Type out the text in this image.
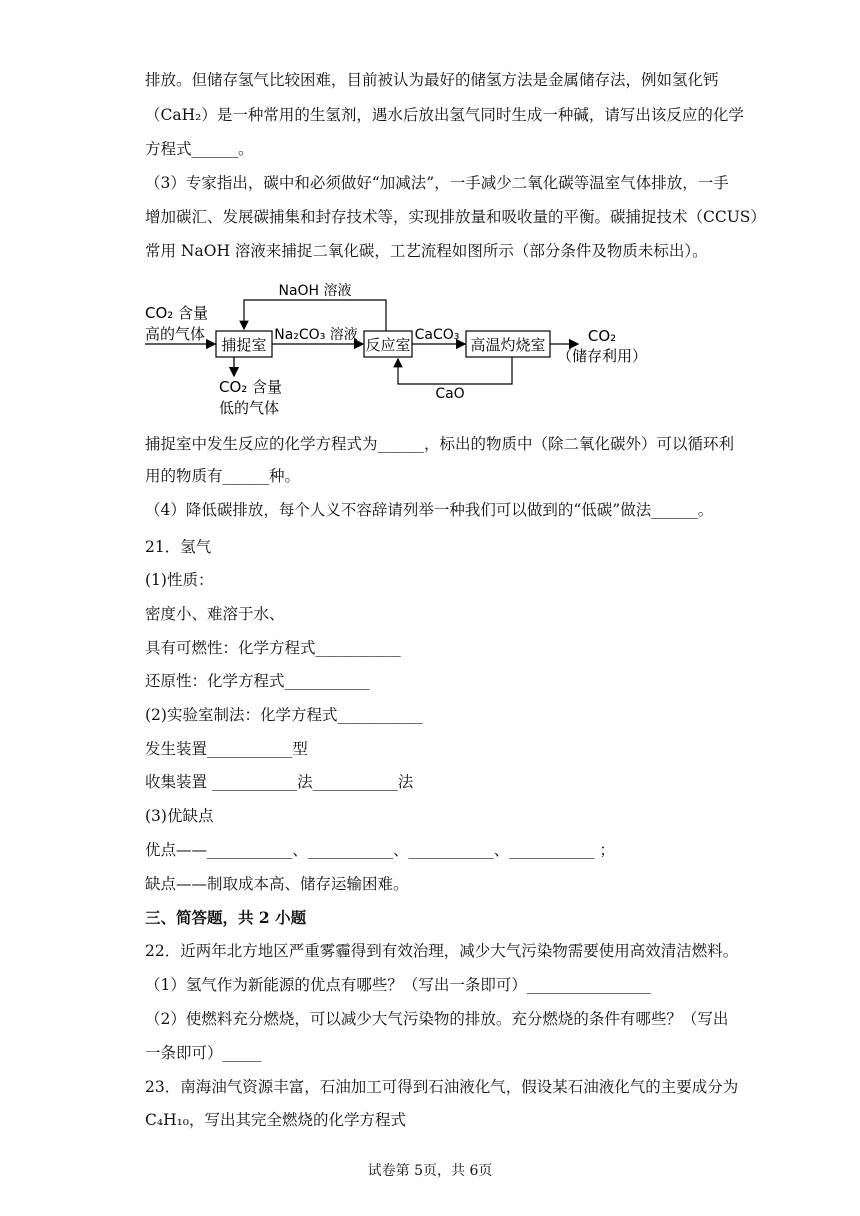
排放。但储存氢气比较困难，目前被认为最好的储氢方法是金属储存法，例如氢化钙
（CaH₂）是一种常用的生氢剂，遇水后放出氢气同时生成一种碱，请写出该反应的化学
方程式______。
（3）专家指出，碳中和必须做好“加减法”，一手减少二氧化碳等温室气体排放，一手
增加碳汇、发展碳捕集和封存技术等，实现排放量和吸收量的平衡。碳捕捉技术（CCUS）
常用 NaOH 溶液来捕捉二氧化碳，工艺流程如图所示（部分条件及物质未标出）。
CO₂ 含量
高的气体
捕捉室
NaOH 溶液
Na₂CO₃ 溶液
反应室
CaCO₃
高温灼烧室
CaO
CO₂
（储存利用）
CO₂ 含量
低的气体
捕捉室中发生反应的化学方程式为______，标出的物质中（除二氧化碳外）可以循环利
用的物质有______种。
（4）降低碳排放，每个人义不容辞请列举一种我们可以做到的“低碳”做法______。
21．氢气
(1)性质：
密度小、难溶于水、
具有可燃性：化学方程式___________
还原性：化学方程式___________
(2)实验室制法：化学方程式___________
发生装置___________型
收集装置 ___________法___________法
(3)优缺点
优点——___________、___________、___________、___________ ；
缺点——制取成本高、储存运输困难。
三、简答题，共 2 小题
22．近两年北方地区严重雾霾得到有效治理，减少大气污染物需要使用高效清洁燃料。
（1）氢气作为新能源的优点有哪些？（写出一条即可）________________
（2）使燃料充分燃烧，可以减少大气污染物的排放。充分燃烧的条件有哪些？（写出
一条即可）_____
23．南海油气资源丰富，石油加工可得到石油液化气，假设某石油液化气的主要成分为
C₄H₁₀，写出其完全燃烧的化学方程式
试卷第 5页，共 6页
